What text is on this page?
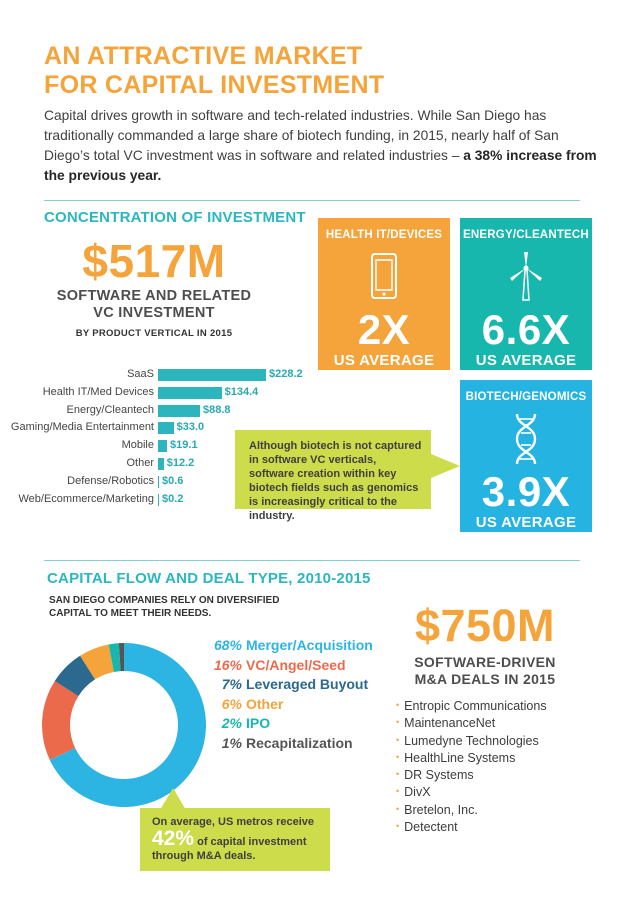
AN ATTRACTIVE MARKET
FOR CAPITAL INVESTMENT

Capital drives growth in software and tech-related industries. While San Diego has traditionally commanded a large share of biotech funding, in 2015, nearly half of San Diego’s total VC investment was in software and related industries – a 38% increase from the previous year.

CONCENTRATION OF INVESTMENT
$517M
SOFTWARE AND RELATED
VC INVESTMENT
BY PRODUCT VERTICAL IN 2015
SaaS	$228.2
Health IT/Med Devices	$134.4
Energy/Cleantech	$88.8
Gaming/Media Entertainment $33.0
Mobile $19.1
Other $12.2
Defense/Robotics $0.6
Web/Ecommerce/Marketing $0.2
HEALTH IT/DEVICES
2X
US AVERAGE
ENERGY/CLEANTECH
6.6X
US AVERAGE
BIOTECH/GENOMICS
3.9X
US AVERAGE
Although biotech is not captured in software VC verticals, software creation within key biotech fields such as genomics is increasingly critical to the industry.
CAPITAL FLOW AND DEAL TYPE, 2010-2015
SAN DIEGO COMPANIES RELY ON DIVERSIFIED
CAPITAL TO MEET THEIR NEEDS.
68% Merger/Acquisition
16% VC/Angel/Seed
7% Leveraged Buyout
6% Other
2% IPO
1% Recapitalization
On average, US metros receive
42% of capital investment
through M&A deals.
$750M
SOFTWARE-DRIVEN
M&A DEALS IN 2015
• Entropic Communications
• MaintenanceNet
• Lumedyne Technologies
• HealthLine Systems
• DR Systems
• DivX
• Bretelon, Inc.
• Detectent
